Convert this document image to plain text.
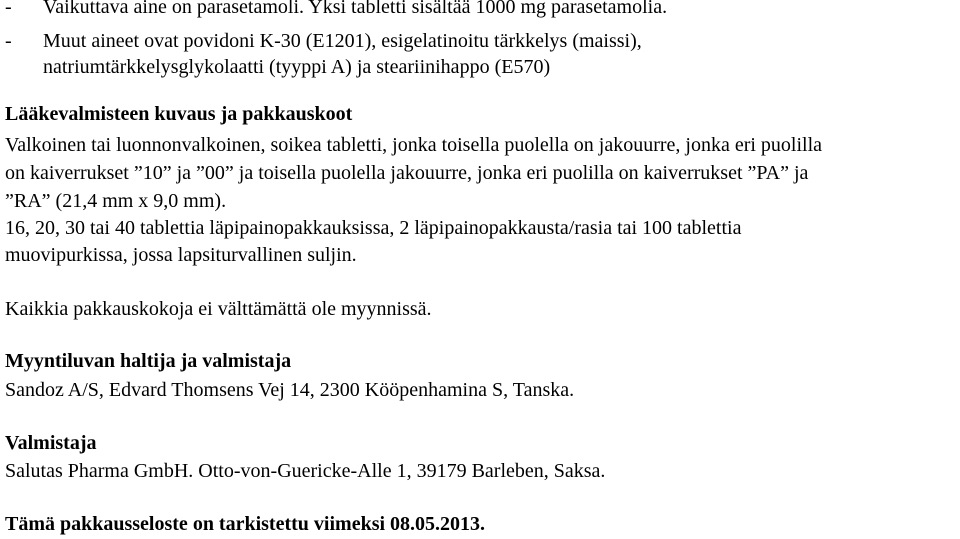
- Vaikuttava aine on parasetamoli. Yksi tabletti sisältää 1000 mg parasetamolia.
- Muut aineet ovat povidoni K-30 (E1201), esigelatinoitu tärkkelys (maissi),
natriumtärkkelysglykolaatti (tyyppi A) ja steariinihappo (E570)
Lääkevalmisteen kuvaus ja pakkauskoot
Valkoinen tai luonnonvalkoinen, soikea tabletti, jonka toisella puolella on jakouurre, jonka eri puolilla
on kaiverrukset ”10” ja ”00” ja toisella puolella jakouurre, jonka eri puolilla on kaiverrukset ”PA” ja
”RA” (21,4 mm x 9,0 mm).
16, 20, 30 tai 40 tablettia läpipainopakkauksissa, 2 läpipainopakkausta/rasia tai 100 tablettia
muovipurkissa, jossa lapsiturvallinen suljin.
Kaikkia pakkauskokoja ei välttämättä ole myynnissä.
Myyntiluvan haltija ja valmistaja
Sandoz A/S, Edvard Thomsens Vej 14, 2300 Kööpenhamina S, Tanska.
Valmistaja
Salutas Pharma GmbH. Otto-von-Guericke-Alle 1, 39179 Barleben, Saksa.
Tämä pakkausseloste on tarkistettu viimeksi 08.05.2013.
